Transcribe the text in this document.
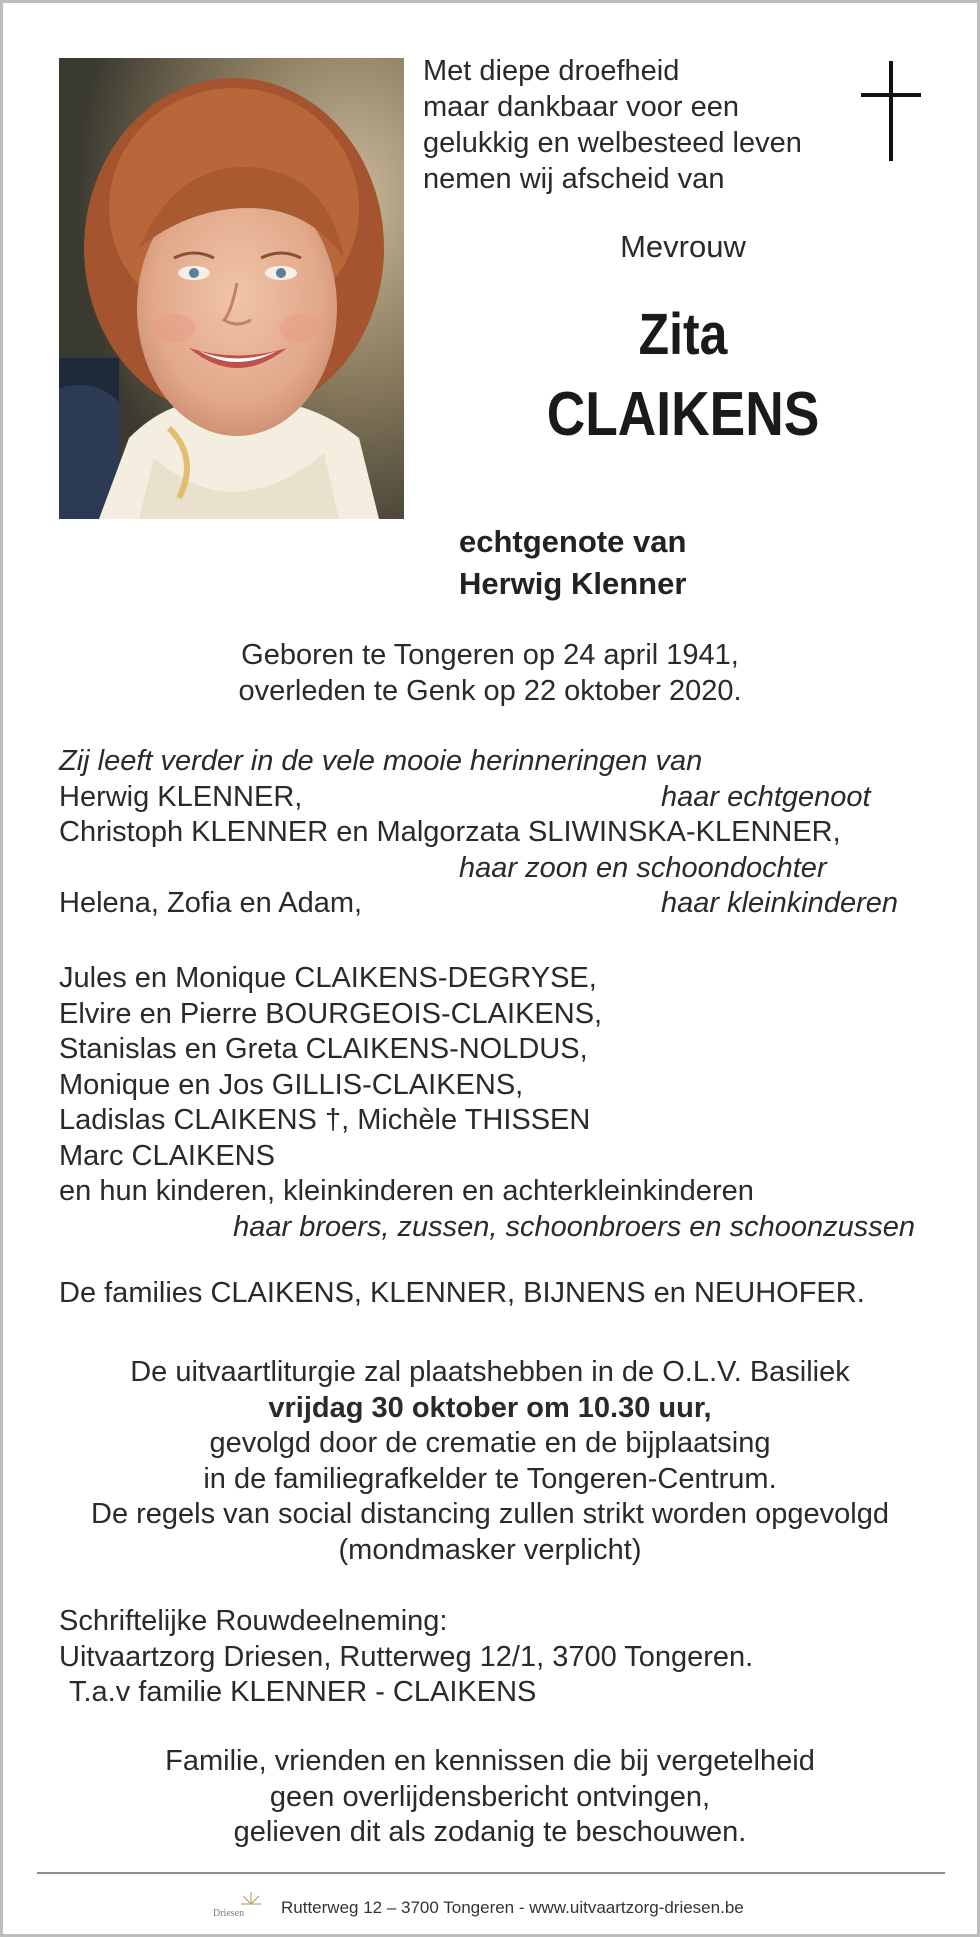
Met diepe droefheid
maar dankbaar voor een
gelukkig en welbesteed leven
nemen wij afscheid van
Mevrouw
Zita
CLAIKENS
echtgenote van
Herwig Klenner
Geboren te Tongeren op 24 april 1941,
overleden te Genk op 22 oktober 2020.
Zij leeft verder in de vele mooie herinneringen van
Herwig KLENNER,	haar echtgenoot
Christoph KLENNER en Malgorzata SLIWINSKA-KLENNER,
haar zoon en schoondochter
Helena, Zofia en Adam,	haar kleinkinderen
Jules en Monique CLAIKENS-DEGRYSE,
Elvire en Pierre BOURGEOIS-CLAIKENS,
Stanislas en Greta CLAIKENS-NOLDUS,
Monique en Jos GILLIS-CLAIKENS,
Ladislas CLAIKENS †, Michèle THISSEN
Marc CLAIKENS
en hun kinderen, kleinkinderen en achterkleinkinderen
haar broers, zussen, schoonbroers en schoonzussen
De families CLAIKENS, KLENNER, BIJNENS en NEUHOFER.
De uitvaartliturgie zal plaatshebben in de O.L.V. Basiliek
vrijdag 30 oktober om 10.30 uur,
gevolgd door de crematie en de bijplaatsing
in de familiegrafkelder te Tongeren-Centrum.
De regels van social distancing zullen strikt worden opgevolgd
(mondmasker verplicht)
Schriftelijke Rouwdeelneming:
Uitvaartzorg Driesen, Rutterweg 12/1, 3700 Tongeren.
T.a.v familie KLENNER - CLAIKENS
Familie, vrienden en kennissen die bij vergetelheid
geen overlijdensbericht ontvingen,
gelieven dit als zodanig te beschouwen.
Driesen Rutterweg 12 – 3700 Tongeren - www.uitvaartzorg-driesen.be
